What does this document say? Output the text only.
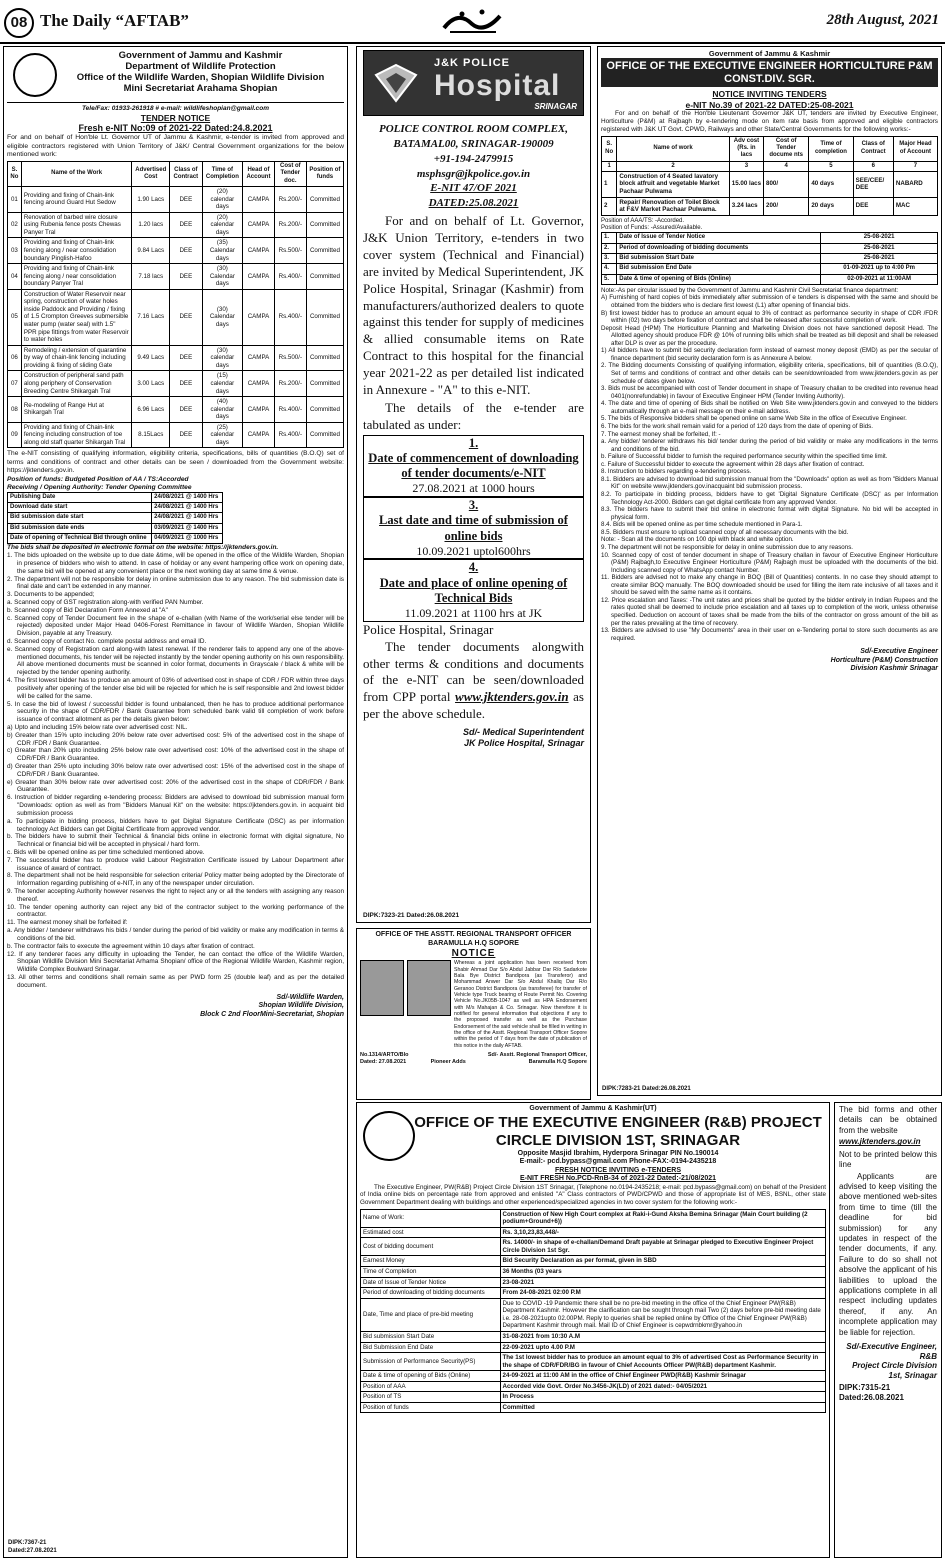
08 The Daily “AFTAB”	28th August, 2021
Government of Jammu and Kashmir
Department of Wildlife Protection
Office of the Wildlife Warden, Shopian Wildlife Division
Mini Secretariat Arahama Shopian
Tele/Fax: 01933-261918 # e-mail: wildlifeshopian@gmail.com
TENDER NOTICE
Fresh e-NIT No:09 of 2021-22 Dated:24.8.2021

For and on behalf of Hon'ble Lt. Governor UT of Jammu & Kashmir, e-tender is invited from approved and eligible contractors registered with Union Territory of J&K/ Central Government organizations for the below mentioned work:

S. No	Name of the Work	Advertised Cost	Class of Contract	Time of Completion	Head of Account	Cost of Tender doc.	Position of funds
01	Providing and fixing of Chain-link fencing around Guard Hut Sedow	1.90 Lacs	DEE	(20) calendar days	CAMPA	Rs.200/-	Committed
02	Renovation of barbed wire closure using Rubenia fence posts Chewas Panyer Tral	1.20 lacs	DEE	(20) calendar days	CAMPA	Rs.200/-	Committed
03	Providing and fixing of Chain-link fencing along / near consolidation boundary Pinglish-Hafoo	9.84 Lacs	DEE	(35) Calendar days	CAMPA	Rs.500/-	Committed
04	Providing and fixing of Chain-link fencing along / near consolidation boundary Panyer Tral	7.18 lacs	DEE	(30) Calendar days	CAMPA	Rs.400/-	Committed
05	Construction of Water Reservoir near spring, construction of water holes inside Paddock and Providing / fixing of 1.5 Crompton Greeves submersible water pump (water seal) with 1.5" PPR pipe fittings from water Reservoir to water holes	7.16 Lacs	DEE	(30) Calendar days	CAMPA	Rs.400/-	Committed
06	Remodeling / extension of quarantine by way of chain-link fencing including providing & fixing of sliding Gate	9.49 Lacs	DEE	(30) calendar days	CAMPA	Rs.500/-	Committed
07	Construction of peripheral sand path along periphery of Conservation Breeding Centre Shikargah Tral	3.00 Lacs	DEE	(15) calendar days	CAMPA	Rs.200/-	Committed
08	Re-modeling of Range Hut at Shikargah Tral	6.96 Lacs	DEE	(40) calendar days	CAMPA	Rs.400/-	Committed
09	Providing and fixing of Chain-link fencing including construction of toe along old staff quarter Shikargah Tral	8.15Lacs	DEE	(25) calendar days	CAMPA	Rs.400/-	Committed

The e-NIT consisting of qualifying information, eligibility criteria, specifications, bills of quantities (B.O.Q) set of terms and conditions of contract and other details can be seen / downloaded from the Government website: https://jktenders.gov.in.

Position of funds: Budgeted Position of AA / TS:Accorded
Receiving / Opening Authority: Tender Opening Committee
Publishing Date	24/08/2021 @ 1400 Hrs
Download date start	24/08/2021 @ 1400 Hrs
Bid submission date start	24/08/2021 @ 1400 Hrs
Bid submission date ends	03/09/2021 @ 1400 Hrs
Date of opening of Technical Bid through online	04/09/2021 @ 1000 Hrs
The bids shall be deposited in electronic format on the website: https://jktenders.gov.in.
1. The bids uploaded on the website up to due date &time, will be opened in the office of the Wildlife Warden, Shopian in presence of bidders who wish to attend. In case of holiday or any event hampering office work on opening date, the same bid will be opened at any convenient place or the next working day at same time & venue.
2. The department will not be responsible for delay in online submission due to any reason. The bid submission date is final date and can't be extended in any manner.
3. Documents to be appended;
a. Scanned copy of GST registration along-with verified PAN Number.
b. Scanned copy of Bid Declaration Form Annexed at "A"
c. Scanned copy of Tender Document fee in the shape of e-challan (with Name of the work/serial else tender will be rejected) deposited under Major Head 0406-Forest Remittance in favour of Wildlife Warden, Shopian Wildlife Division, payable at any Treasury.
d. Scanned copy of contact No. complete postal address and email ID.
e. Scanned copy of Registration card along-with latest renewal. If the renderer fails to append any one of the above-mentioned documents, his tender will be rejected instantly by the tender opening authority on his own responsibility. All above mentioned documents must be scanned in color format, documents in Grayscale / black & white will be rejected by the tender opening authority.
4. The first lowest bidder has to produce an amount of 03% of advertised cost in shape of CDR / FDR within three days positively after opening of the tender else bid will be rejected for which he is self responsible and 2nd lowest bidder will be called for the same.
5. In case the bid of lowest / successful bidder is found unbalanced, then he has to produce additional performance security in the shape of CDR/FDR / Bank Guarantee from scheduled bank valid till completion of work before issuance of contract allotment as per the details given below:
a) Upto and including 15% below rate over advertised cost: NIL.
b) Greater than 15% upto including 20% below rate over advertised cost: 5% of the advertised cost in the shape of CDR /FDR / Bank Guarantee.
c) Greater than 20% upto including 25% below rate over advertised cost: 10% of the advertised cost in the shape of CDR/FDR / Bank Guarantee.
d) Greater than 25% upto including 30% below rate over advertised cost: 15% of the advertised cost in the shape of CDR/FDR / Bank Guarantee.
e) Greater than 30% below rate over advertised cost: 20% of the advertised cost in the shape of CDR/FDR / Bank Guarantee.
6. Instruction of bidder regarding e-tendering process: Bidders are advised to download bid submission manual form "Downloads: option as well as from "Bidders Manual Kit" on the website: https://jktenders.gov.in. in acquaint bid submission process
a. To participate in bidding process, bidders have to get Digital Signature Certificate (DSC) as per information technology Act Bidders can get Digital Certificate from approved vendor.
b. The bidders have to submit their Technical & financial bids online in electronic format with digital signature, No Technical or financial bid will be accepted in physical / hard form.
c. Bids will be opened online as per time scheduled mentioned above.
7. The successful bidder has to produce valid Labour Registration Certificate issued by Labour Department after issuance of award of contract.
8. The department shall not be held responsible for selection criteria/ Policy matter being adopted by the Directorate of Information regarding publishing of e-NIT, in any of the newspaper under circulation.
9. The tender accepting Authority however reserves the right to reject any or all the tenders with assigning any reason thereof.
10. The tender opening authority can reject any bid of the contractor subject to the working performance of the contractor.
11. The earnest money shall be forfeited if:
a. Any bidder / tenderer withdraws his bids / tender during the period of bid validity or make any modification in terms & conditions of the bid.
b. The contractor fails to execute the agreement within 10 days after fixation of contract.
12. If any tenderer faces any difficulty in uploading the Tender, he can contact the office of the Wildlife Warden, Shopian Wildlife Division Mini Secretariat Arhama Shopian/ office of the Regional Wildlife Warden, Kashmir region, Wildlife Complex Boulward Srinagar.
13. All other terms and conditions shall remain same as per PWD form 25 (double leaf) and as per the detailed document.
Sd/-Wildlife Warden,
Shopian Wildlife Division,
Block C 2nd FloorMini-Secretariat, Shopian
DIPK:7367-21
Dated:27.08.2021
J&K POLICE
Hospital
SRINAGAR
POLICE CONTROL ROOM COMPLEX,
BATAMAL00, SRINAGAR-190009
+91-194-2479915
msphsgr@jkpolice.gov.in
E-NIT 47/OF 2021
DATED:25.08.2021

For and on behalf of Lt. Governor, J&K Union Territory, e-tenders in two cover system (Technical and Financial) are invited by Medical Superintendent, JK Police Hospital, Srinagar (Kashmir) from manufacturers/authorized dealers to quote against this tender for supply of medicines & allied consumable items on Rate Contract to this hospital for the financial year 2021-22 as per detailed list indicated in Annexure - "A" to this e-NIT.

The details of the e-tender are tabulated as under:

1.
Date of commencement of downloading of tender documents/e-NIT
27.08.2021 at 1000 hours
3.
Last date and time of submission of online bids
10.09.2021 uptol600hrs
4.
Date and place of online opening of Technical Bids
11.09.2021 at 1100 hrs at JK
Police Hospital, Srinagar

The tender documents alongwith other terms & conditions and documents of the e-NIT can be seen/downloaded from CPP portal www.jktenders.gov.in as per the above schedule.

Sd/- Medical Superintendent
JK Police Hospital, Srinagar
DIPK:7323-21 Dated:26.08.2021
OFFICE OF THE ASSTT. REGIONAL TRANSPORT OFFICER
BARAMULLA H.Q SOPORE
NOTICE

Whereas a joint application has been received from Shabir Ahmad Dar S/o Abdul Jabbar Dar R/o Sadarkote Bala Bye District Bandipora (as Transferor) and Mohammad Anwer Dar S/o Abdul Khaliq Dar R/o Geranoo District Bandipora (as transferee) for transfer of Vehicle type Truck bearing of Route Permit No. Covering Vehicle No.JK05B-1047 as well as HPA Endorsement with M/s Mahajan & Co. Srinagar. Now therefore it is notified for general information that objections if any to the proposed transfer as well as the Purchase Endorsement of the said vehicle shall be filled in writing in the office of the Asstt. Regional Transport Officer Sopore within the period of 7 days from the date of publication of this notice in the daily AFTAB.

No.1314/ARTO/Blo
Dated: 27.08.2021	Pioneer Adds
Sd/- Asstt. Regional Transport Officer,
Baramulla H.Q Sopore
Government of Jammu & Kashmir
OFFICE OF THE EXECUTIVE ENGINEER HORTICULTURE P&M CONST.DIV. SGR.
NOTICE INVITING TENDERS
e-NIT No.39 of 2021-22 DATED:25-08-2021

For and on behalf of the Hon'ble Lieutenant Governor J&K UT, tenders are invited by Executive Engineer, Horticulture (P&M) at Rajbagh by e-tendering mode on item rate basis from approved and eligible contractors registered with J&K UT Govt. CPWD, Railways and other State/Central Governments for the following works:-

S. No	Name of work	Adv cost (Rs. in lacs	Cost of Tender docume nts	Time of completion	Class of Contract	Major Head of Account
1	2	3	4	5	6	7
1	Construction of 4 Seated lavatory block atfruit and vegetable Market Pachaar Pulwama	15.00 lacs	800/	40 days	SEE/CEE/ DEE	NABARD
2	Repair/ Renovation of Toilet Block at F&V Market Pachaar Pulwama.	3.24 lacs	200/	20 days	DEE	MAC
Position of AAA/TS: -Accorded.
Position of Funds: -Assured/Available.
1.	Date of Issue of Tender Notice	25-08-2021
2.	Period of downloading of bidding documents	25-08-2021
3.	Bid submission Start Date	25-08-2021
4.	Bid submission End Date	01-09-2021 up to 4:00 Pm
5.	Date & time of opening of Bids (Online)	02-09-2021 at 11:00AM
Note:-As per circular issued by the Government of Jammu and Kashmir Civil Secretariat finance department:
A) Furnishing of hard copies of bids immediately after submission of e tenders is dispensed with the same and should be obtained from the bidders who is declare first lowest (L1) after opening of financial bids.
B) first lowest bidder has to produce an amount equal to 3% of contract as performance security in shape of CDR /FDR within (02) two days before fixation of contract and shall be released after successful completion of work.
Deposit Head (HPM) The Horticulture Planning and Marketing Division does not have sanctioned deposit Head. The Allotted agency should produce FDR @ 10% of running bills which shall be treated as bill deposit and shall be released after DLP is over as per the procedure.
1) All bidders have to submit bid security declaration form instead of earnest money deposit (EMD) as per the secular of finance department (bid security declaration form is as Annexure A below.
2. The Bidding documents Consisting of qualifying information, eligibility criteria, specifications, bill of quantities (B.O.Q), Set of terms and conditions of contract and other details can be seen/downloaded from www.jktenders.gov.in as per schedule of dates given below.
3. Bids must be accompanied with cost of Tender document in shape of Treasury challan to be credited into revenue head 0401(nonrefundable) in favour of Executive Engineer HPM (Tender Inviting Authority).
4. The date and time of opening of Bids shall be notified on Web Site www.jktenders.gov.in and conveyed to the bidders automatically through an e-mail message on their e-mail address.
5. The bids of Responsive bidders shall be opened online on same Web Site in the office of Executive Engineer.
6. The bids for the work shall remain valid for a period of 120 days from the date of opening of Bids.
7. The earnest money shall be forfeited, If: -
a. Any bidder/ tenderer withdraws his bid/ tender during the period of bid validity or make any modifications in the terms and conditions of the bid.
b. Failure of Successful bidder to furnish the required performance security within the specified time limit.
c. Failure of Successful bidder to execute the agreement within 28 days after fixation of contract.
8. Instruction to bidders regarding e-tendering process.
8.1. Bidders are advised to download bid submission manual from the "Downloads" option as well as from "Bidders Manual Kit" on website www.jktenders.gov.inacquaint bid submission process.
8.2. To participate in bidding process, bidders have to get 'Digital Signature Certificate (DSC)' as per Information Technology Act-2000. Bidders can get digital certificate from any approved Vendor.
8.3. The bidders have to submit their bid online in electronic format with digital Signature. No bid will be accepted in physical form.
8.4. Bids will be opened online as per time schedule mentioned in Para-1.
8.5. Bidders must ensure to upload scanned copy of all necessary documents with the bid.
Note: - Scan all the documents on 100 dpi with black and white option.
9. The department will not be responsible for delay in online submission due to any reasons.
10. Scanned copy of cost of tender document in shape of Treasury challan in favour of Executive Engineer Horticulture (P&M) Rajbagh,to Executive Engineer Horticulture (P&M) Rajbagh must be uploaded with the documents of the bid. Including scanned copy of WhatsApp contact Number.
11. Bidders are advised not to make any change in BOQ (Bill of Quantities) contents. In no case they should attempt to create similar BOQ manually. The BOQ downloaded should be used for filling the item rate inclusive of all taxes and it should be saved with the same name as it contains.
12. Price escalation and Taxes: -The unit rates and prices shall be quoted by the bidder entirely in Indian Rupees and the rates quoted shall be deemed to include price escalation and all taxes up to completion of the work, unless otherwise specified. Deduction on account of taxes shall be made from the bills of the contractor on gross amount of the bill as per the rates prevailing at the time of recovery.
13. Bidders are advised to use "My Documents" area in their user on e-Tendering portal to store such documents as are required.
Sd/-Executive Engineer
Horticulture (P&M) Construction
Division Kashmir Srinagar
DIPK:7283-21 Dated:26.08.2021
Government of Jammu & Kashmir(UT)
OFFICE OF THE EXECUTIVE ENGINEER (R&B) PROJECT
CIRCLE DIVISION 1ST, SRINAGAR
Opposite Masjid Ibrahim, Hyderpora Srinagar PIN No.190014
E-mail:- pcd.bypass@gmail.com Phone-FAX:-0194-2435218
FRESH NOTICE INVITING e-TENDERS
E-NIT FRESH No.PCD-RnB-34 of 2021-22 Dated:-21/08/2021

The Executive Engineer, PW(R&B) Project Circle Division 1ST Srinagar, (Telephone no.0194-2435218; e-mail: pcd.bypass@gmail.com) on behalf of the President of India online bids on percentage rate from approved and enlisted "A" Class contractors of PWD/CPWD and those of appropriate list of MES, BSNL, other state Government Department dealing with buildings and other experienced/specialized agencies in two cover system for the following work:-

Name of Work:	Construction of New High Court complex at Raki-i-Gund Aksha Bemina Srinagar (Main Court building (2 podium+Ground+6))
Estimated cost	Rs. 3,10,23,83,448/-
Cost of bidding document	Rs. 14000/- in shape of e-challan/Demand Draft payable at Srinagar pledged to Executive Engineer Project Circle Division 1st Sgr.
Earnest Money	Bid Security Declaration as per format, given in SBD
Time of Completion	36 Months (03 years
Date of Issue of Tender Notice	23-08-2021
Period of downloading of bidding documents	From 24-08-2021 02:00 P.M
Date, Time and place of pre-bid meeting	Due to COVID -19 Pandemic there shall be no pre-bid meeting in the office of the Chief Engineer PW(R&B) Department Kashmir. However the clarification can be sought through mail Two (2) days before pre-bid meeting date i.e. 28-08-2021upto 02.00PM. Reply to queries shall be replied online by Office of the Chief Engineer PW(R&B) Department Kashmir through mail. Mail ID of Chief Engineer is cepwdrnbkmr@yahoo.in
Bid submission Start Date	31-08-2021 from 10:30 A.M
Bid Submission End Date	22-09-2021 upto 4.00 P.M
Submission of Performance Security(PS)	The 1st lowest bidder has to produce an amount equal to 3% of advertised Cost as Performance Security in the shape of CDR/FDR/BG in favour of Chief Accounts Officer PW(R&B) department Kashmir.
Date & time of opening of Bids (Online)	24-09-2021 at 11:00 AM in the office of Chief Engineer PWD(R&B) Kashmir Srinagar
Position of AAA	Accorded vide Govt. Order No.3456-JK(LD) of 2021 dated:- 04/05/2021
Position of TS	In Process
Position of funds	Committed

The bid forms and other details can be obtained from the website

www.jktenders.gov.in

Not to be printed below this line

Applicants are advised to keep visiting the above mentioned web-sites from time to time (till the deadline for bid submission) for any updates in respect of the tender documents, if any. Failure to do so shall not absolve the applicant of his liabilities to upload the applications complete in all respect including updates thereof, if any. An incomplete application may be liable for rejection.

Sd/-Executive Engineer, R&B
Project Circle Division 1st, Srinagar
DIPK:7315-21
Dated:26.08.2021
